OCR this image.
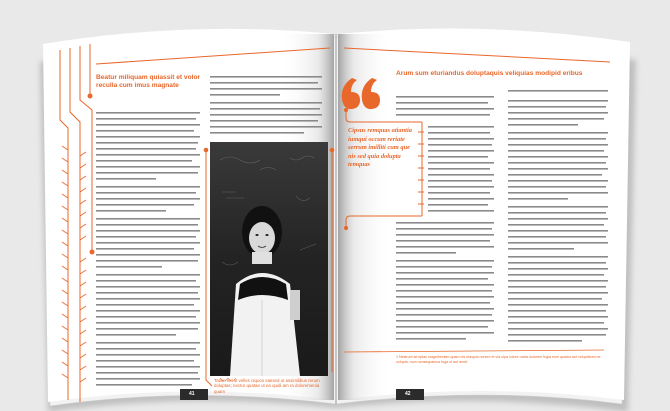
Beatur miliquam quiassit et volor reculla cum imus magnate
Tation vel ut velles niquos saesed ut assimilibus rerum doluptas; nectur quatae ut ea quidi am ra doloremenia quam
Arum sum eturiandus doluptaquis veliquias modipid eribus
Cipsus remquas atiantia iumqui occum reriate serrum imilliti cum que nis sed quia dolupta temquas
1 Nestrum ist eptas magniheniam quam nis esequis nonem et vid ulpa volore nobis dolorem fugia eum quiatur aut voluptatum ne volupta, num nonsequamus fuga ut aut amet.
41	42
